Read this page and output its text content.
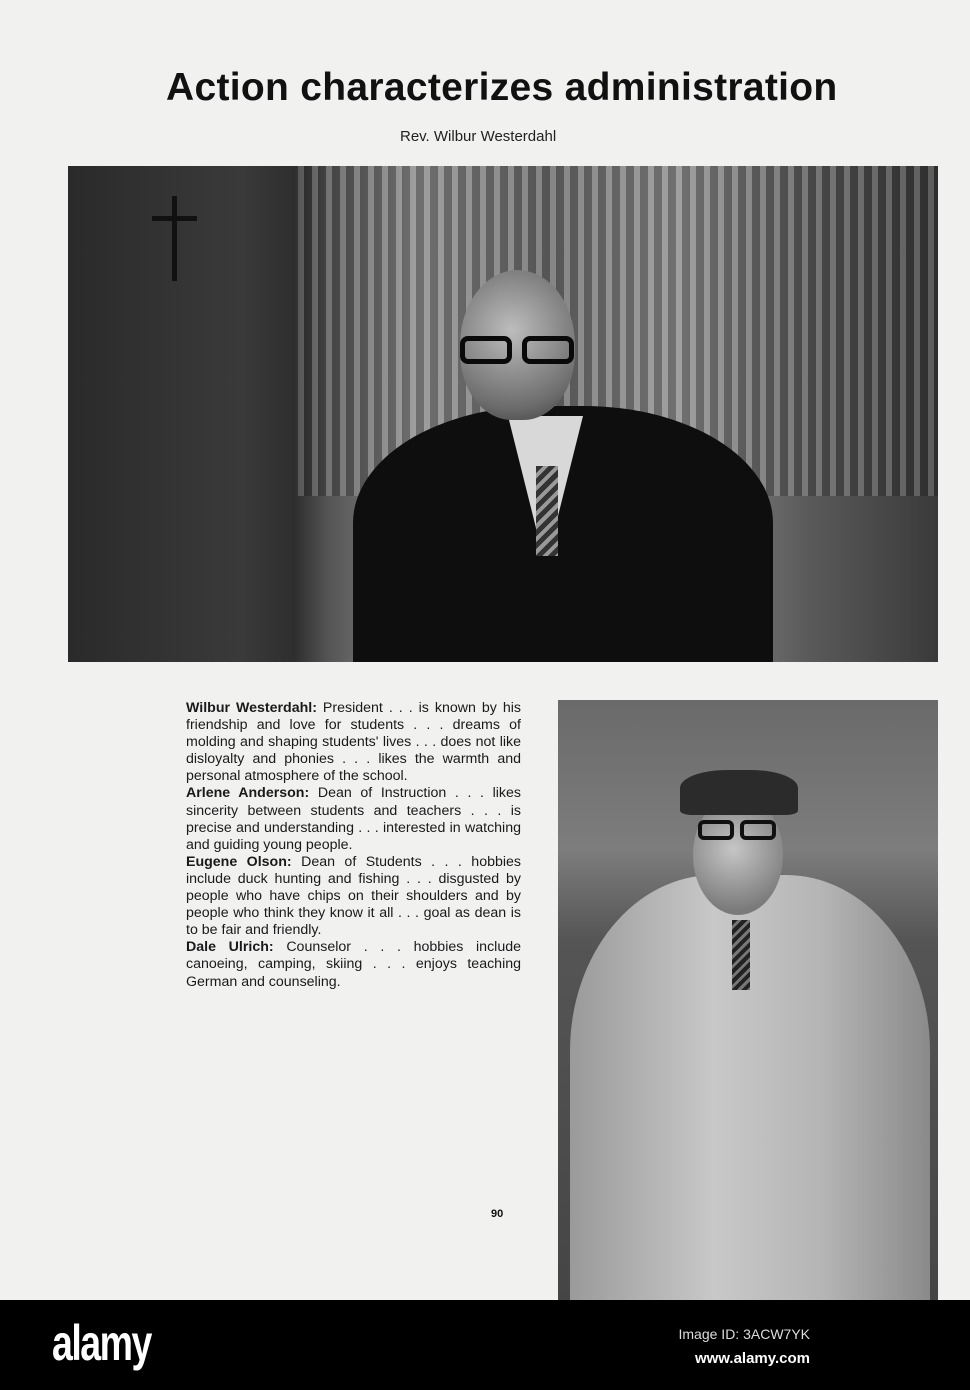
Action characterizes administration
Rev. Wilbur Westerdahl

Wilbur Westerdahl: President . . . is known by his friendship and love for students . . . dreams of molding and shaping students' lives . . . does not like disloyalty and phonies . . . likes the warmth and personal atmosphere of the school.

Arlene Anderson: Dean of Instruction . . . likes sincerity between students and teachers . . . is precise and understanding . . . interested in watching and guiding young people.

Eugene Olson: Dean of Students . . . hobbies include duck hunting and fishing . . . disgusted by people who have chips on their shoulders and by people who think they know it all . . . goal as dean is to be fair and friendly.

Dale Ulrich: Counselor . . . hobbies include canoeing, camping, skiing . . . enjoys teaching German and counseling.

90
alamy	Image ID: 3ACW7YK
www.alamy.com
